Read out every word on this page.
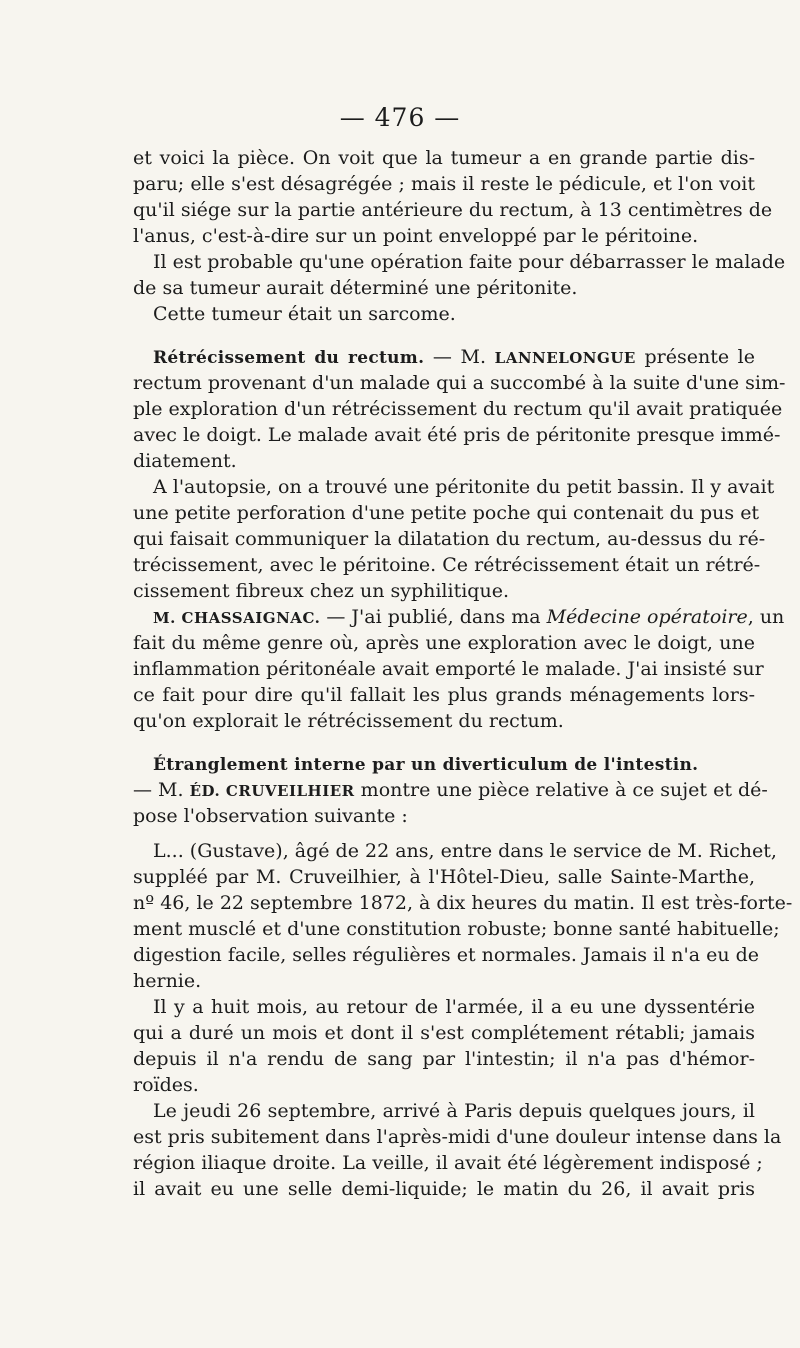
— 476 —
et voici la pièce. On voit que la tumeur a en grande partie dis-
paru; elle s'est désagrégée ; mais il reste le pédicule, et l'on voit
qu'il siége sur la partie antérieure du rectum, à 13 centimètres de
l'anus, c'est-à-dire sur un point enveloppé par le péritoine.
Il est probable qu'une opération faite pour débarrasser le malade
de sa tumeur aurait déterminé une péritonite.
Cette tumeur était un sarcome.
Rétrécissement du rectum. — M. LANNELONGUE présente le
rectum provenant d'un malade qui a succombé à la suite d'une sim-
ple exploration d'un rétrécissement du rectum qu'il avait pratiquée
avec le doigt. Le malade avait été pris de péritonite presque immé-
diatement.
A l'autopsie, on a trouvé une péritonite du petit bassin. Il y avait
une petite perforation d'une petite poche qui contenait du pus et
qui faisait communiquer la dilatation du rectum, au-dessus du ré-
trécissement, avec le péritoine. Ce rétrécissement était un rétré-
cissement fibreux chez un syphilitique.
M. CHASSAIGNAC. — J'ai publié, dans ma Médecine opératoire, un
fait du même genre où, après une exploration avec le doigt, une
inflammation péritonéale avait emporté le malade. J'ai insisté sur
ce fait pour dire qu'il fallait les plus grands ménagements lors-
qu'on explorait le rétrécissement du rectum.
Étranglement interne par un diverticulum de l'intestin.
— M. ÉD. CRUVEILHIER montre une pièce relative à ce sujet et dé-
pose l'observation suivante :
L... (Gustave), âgé de 22 ans, entre dans le service de M. Richet,
suppléé par M. Cruveilhier, à l'Hôtel-Dieu, salle Sainte-Marthe,
nº 46, le 22 septembre 1872, à dix heures du matin. Il est très-forte-
ment musclé et d'une constitution robuste; bonne santé habituelle;
digestion facile, selles régulières et normales. Jamais il n'a eu de
hernie.
Il y a huit mois, au retour de l'armée, il a eu une dyssentérie
qui a duré un mois et dont il s'est complétement rétabli; jamais
depuis il n'a rendu de sang par l'intestin; il n'a pas d'hémor-
roïdes.
Le jeudi 26 septembre, arrivé à Paris depuis quelques jours, il
est pris subitement dans l'après-midi d'une douleur intense dans la
région iliaque droite. La veille, il avait été légèrement indisposé ;
il avait eu une selle demi-liquide; le matin du 26, il avait pris
